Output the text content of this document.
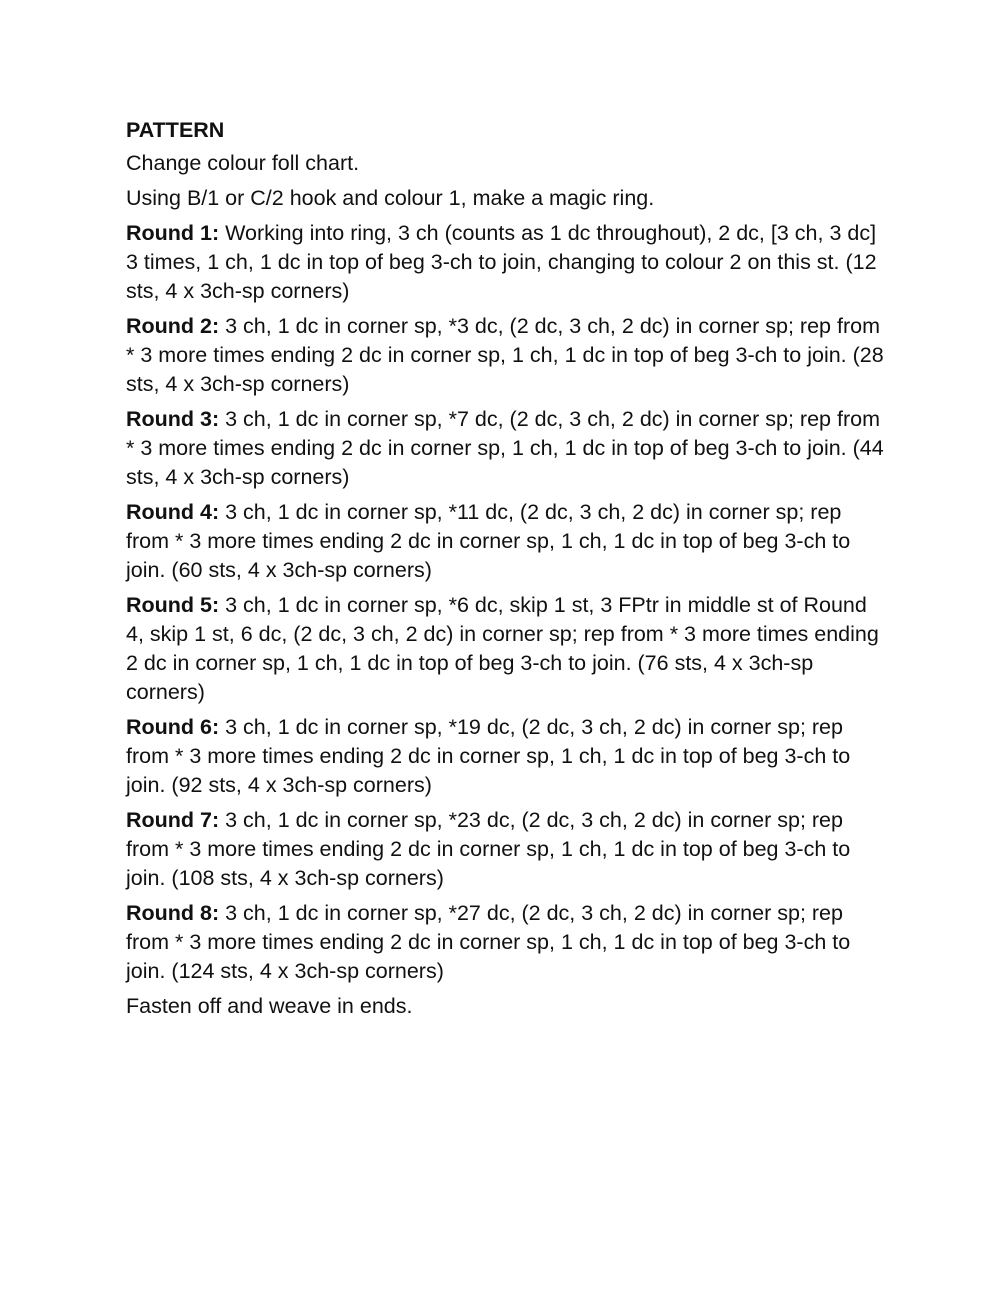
PATTERN
Change colour foll chart.
Using B/1 or C/2 hook and colour 1, make a magic ring.
Round 1: Working into ring, 3 ch (counts as 1 dc throughout), 2 dc, [3 ch, 3 dc] 3 times, 1 ch, 1 dc in top of beg 3-ch to join, changing to colour 2 on this st. (12 sts, 4 x 3ch-sp corners)
Round 2: 3 ch, 1 dc in corner sp, *3 dc, (2 dc, 3 ch, 2 dc) in corner sp; rep from * 3 more times ending 2 dc in corner sp, 1 ch, 1 dc in top of beg 3-ch to join. (28 sts, 4 x 3ch-sp corners)
Round 3: 3 ch, 1 dc in corner sp, *7 dc, (2 dc, 3 ch, 2 dc) in corner sp; rep from * 3 more times ending 2 dc in corner sp, 1 ch, 1 dc in top of beg 3-ch to join. (44 sts, 4 x 3ch-sp corners)
Round 4: 3 ch, 1 dc in corner sp, *11 dc, (2 dc, 3 ch, 2 dc) in corner sp; rep from * 3 more times ending 2 dc in corner sp, 1 ch, 1 dc in top of beg 3-ch to join. (60 sts, 4 x 3ch-sp corners)
Round 5: 3 ch, 1 dc in corner sp, *6 dc, skip 1 st, 3 FPtr in middle st of Round 4, skip 1 st, 6 dc, (2 dc, 3 ch, 2 dc) in corner sp; rep from * 3 more times ending 2 dc in corner sp, 1 ch, 1 dc in top of beg 3-ch to join. (76 sts, 4 x 3ch-sp corners)
Round 6: 3 ch, 1 dc in corner sp, *19 dc, (2 dc, 3 ch, 2 dc) in corner sp; rep from * 3 more times ending 2 dc in corner sp, 1 ch, 1 dc in top of beg 3-ch to join. (92 sts, 4 x 3ch-sp corners)
Round 7: 3 ch, 1 dc in corner sp, *23 dc, (2 dc, 3 ch, 2 dc) in corner sp; rep from * 3 more times ending 2 dc in corner sp, 1 ch, 1 dc in top of beg 3-ch to join. (108 sts, 4 x 3ch-sp corners)
Round 8: 3 ch, 1 dc in corner sp, *27 dc, (2 dc, 3 ch, 2 dc) in corner sp; rep from * 3 more times ending 2 dc in corner sp, 1 ch, 1 dc in top of beg 3-ch to join. (124 sts, 4 x 3ch-sp corners)
Fasten off and weave in ends.
